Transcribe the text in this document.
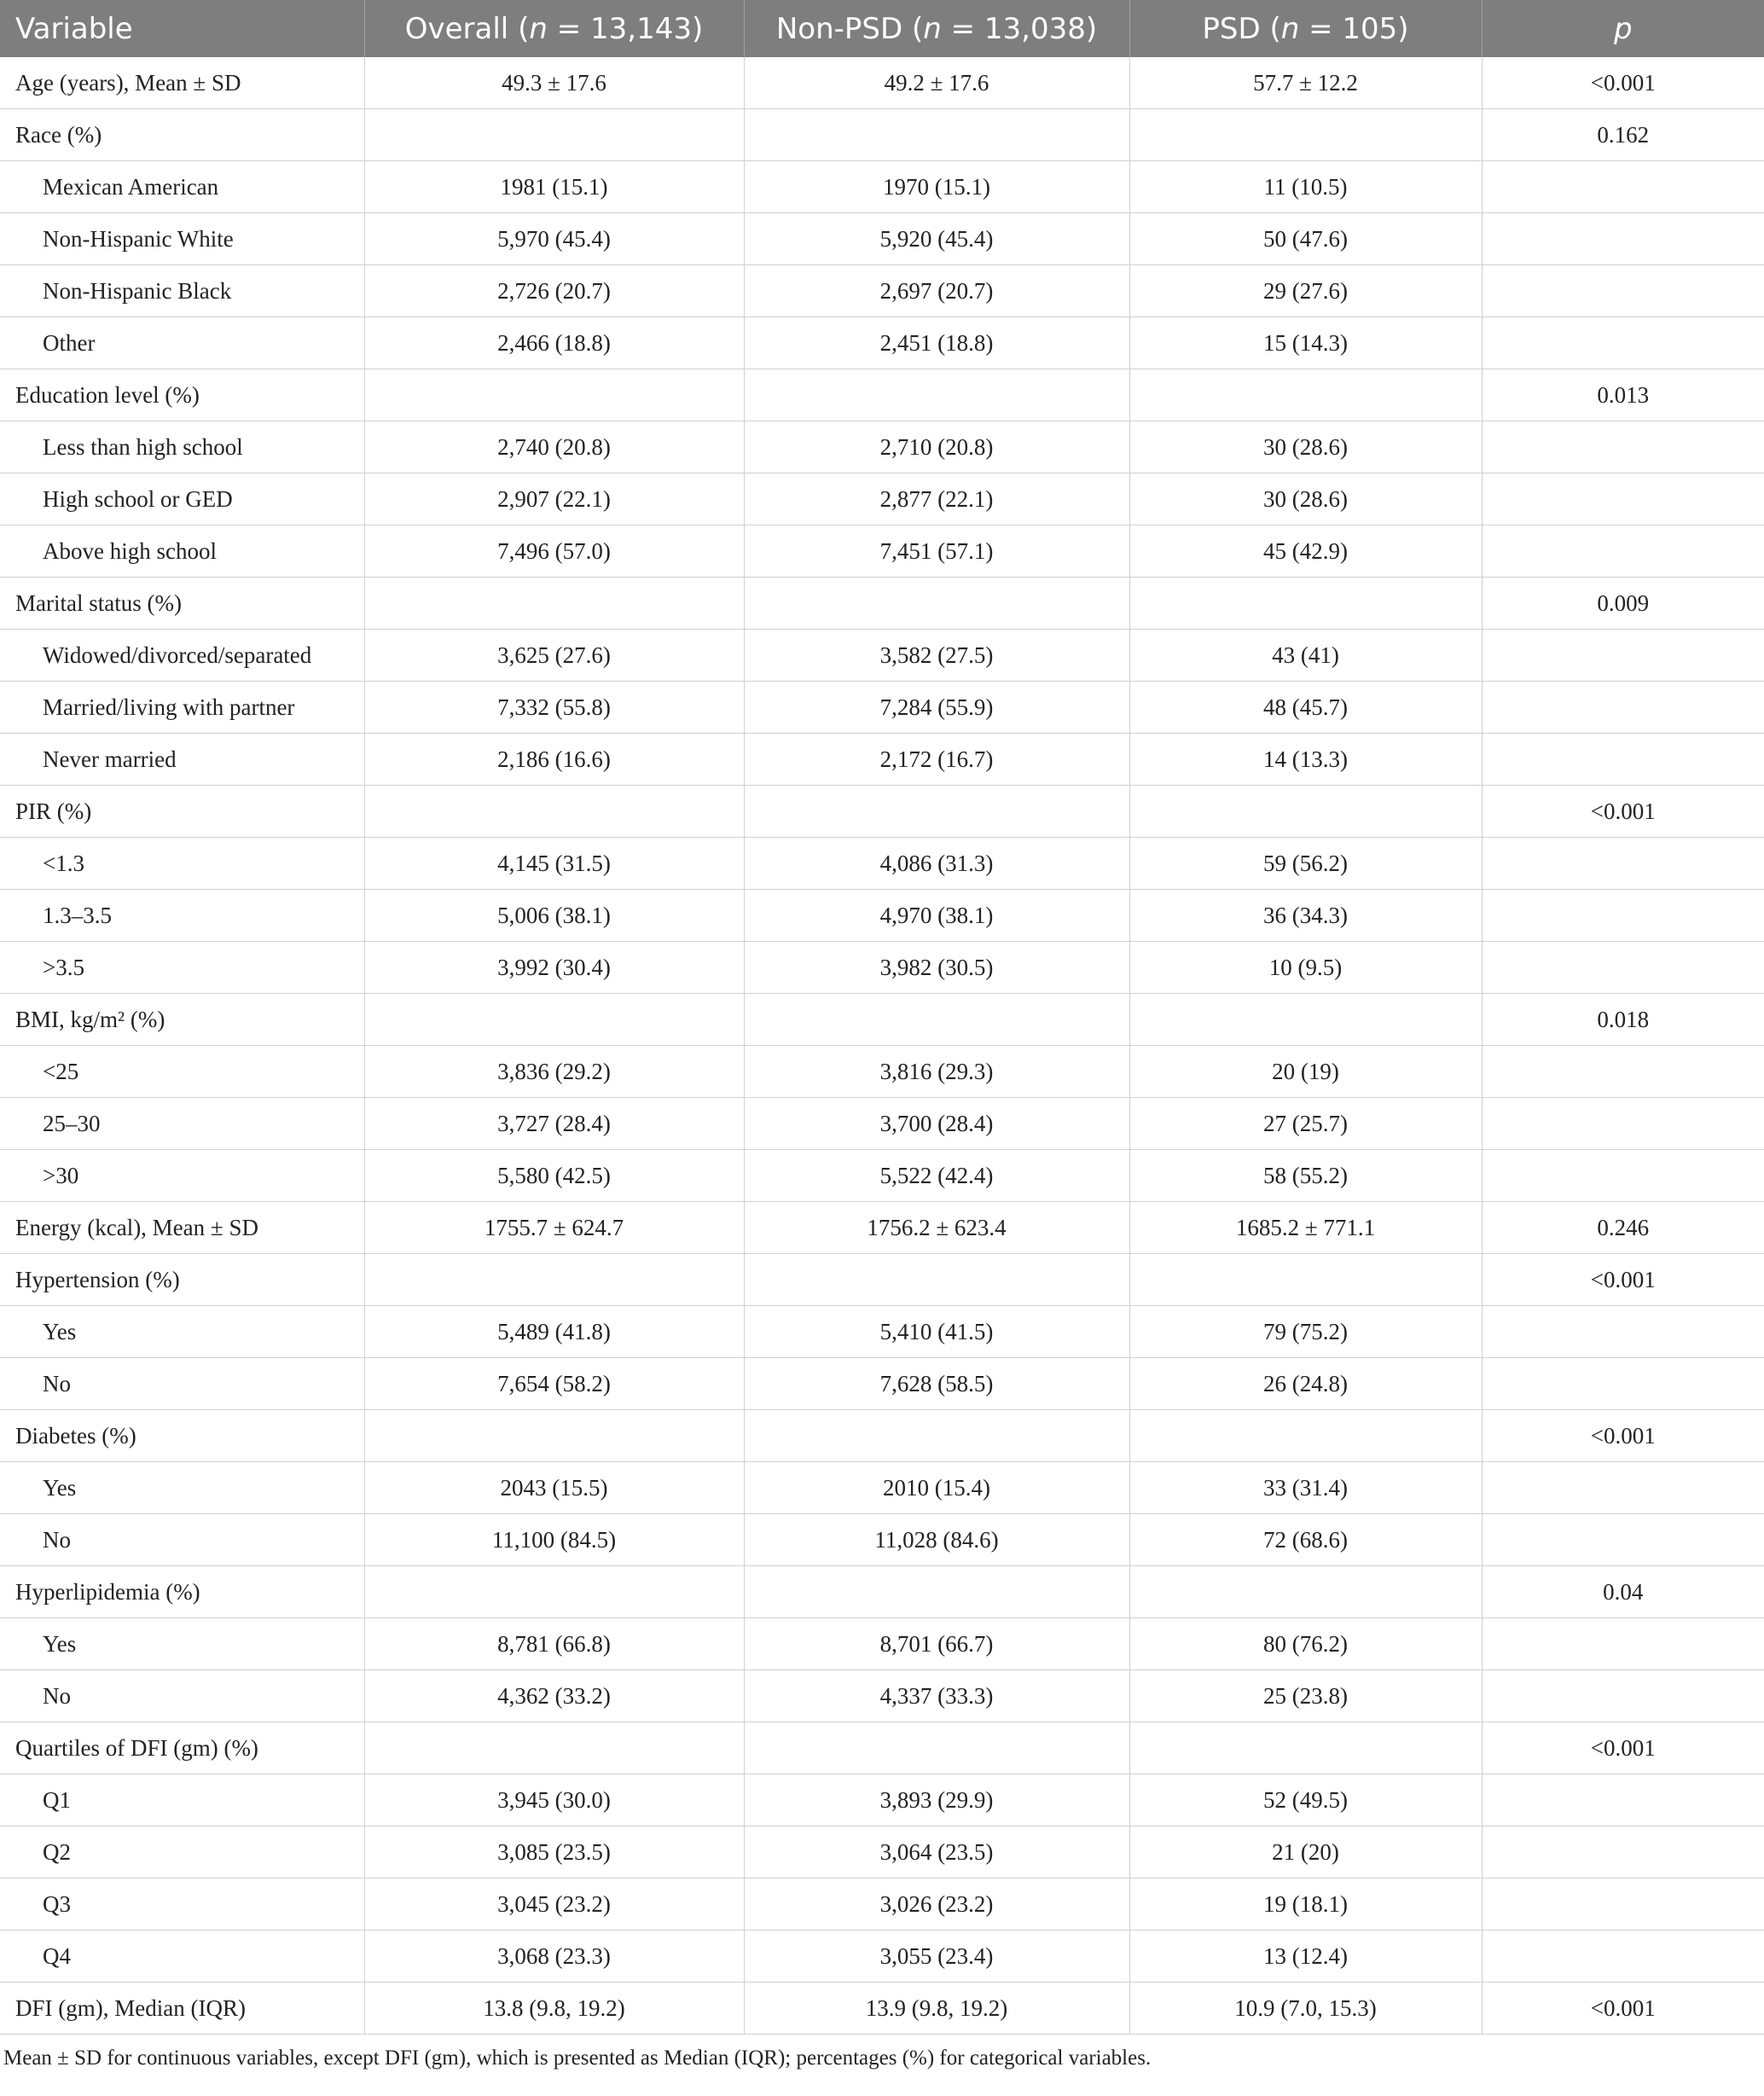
Variable	Overall (n = 13,143)	Non-PSD (n = 13,038)	PSD (n = 105)	p
Age (years), Mean ± SD	49.3 ± 17.6	49.2 ± 17.6	57.7 ± 12.2	<0.001
Race (%)				0.162
Mexican American	1981 (15.1)	1970 (15.1)	11 (10.5)	
Non-Hispanic White	5,970 (45.4)	5,920 (45.4)	50 (47.6)	
Non-Hispanic Black	2,726 (20.7)	2,697 (20.7)	29 (27.6)	
Other	2,466 (18.8)	2,451 (18.8)	15 (14.3)	
Education level (%)				0.013
Less than high school	2,740 (20.8)	2,710 (20.8)	30 (28.6)	
High school or GED	2,907 (22.1)	2,877 (22.1)	30 (28.6)	
Above high school	7,496 (57.0)	7,451 (57.1)	45 (42.9)	
Marital status (%)				0.009
Widowed/divorced/separated	3,625 (27.6)	3,582 (27.5)	43 (41)	
Married/living with partner	7,332 (55.8)	7,284 (55.9)	48 (45.7)	
Never married	2,186 (16.6)	2,172 (16.7)	14 (13.3)	
PIR (%)				<0.001
<1.3	4,145 (31.5)	4,086 (31.3)	59 (56.2)	
1.3–3.5	5,006 (38.1)	4,970 (38.1)	36 (34.3)	
>3.5	3,992 (30.4)	3,982 (30.5)	10 (9.5)	
BMI, kg/m² (%)				0.018
<25	3,836 (29.2)	3,816 (29.3)	20 (19)	
25–30	3,727 (28.4)	3,700 (28.4)	27 (25.7)	
>30	5,580 (42.5)	5,522 (42.4)	58 (55.2)	
Energy (kcal), Mean ± SD	1755.7 ± 624.7	1756.2 ± 623.4	1685.2 ± 771.1	0.246
Hypertension (%)				<0.001
Yes	5,489 (41.8)	5,410 (41.5)	79 (75.2)	
No	7,654 (58.2)	7,628 (58.5)	26 (24.8)	
Diabetes (%)				<0.001
Yes	2043 (15.5)	2010 (15.4)	33 (31.4)	
No	11,100 (84.5)	11,028 (84.6)	72 (68.6)	
Hyperlipidemia (%)				0.04
Yes	8,781 (66.8)	8,701 (66.7)	80 (76.2)	
No	4,362 (33.2)	4,337 (33.3)	25 (23.8)	
Quartiles of DFI (gm) (%)				<0.001
Q1	3,945 (30.0)	3,893 (29.9)	52 (49.5)	
Q2	3,085 (23.5)	3,064 (23.5)	21 (20)	
Q3	3,045 (23.2)	3,026 (23.2)	19 (18.1)	
Q4	3,068 (23.3)	3,055 (23.4)	13 (12.4)	
DFI (gm), Median (IQR)	13.8 (9.8, 19.2)	13.9 (9.8, 19.2)	10.9 (7.0, 15.3)	<0.001
Mean ± SD for continuous variables, except DFI (gm), which is presented as Median (IQR); percentages (%) for categorical variables.
